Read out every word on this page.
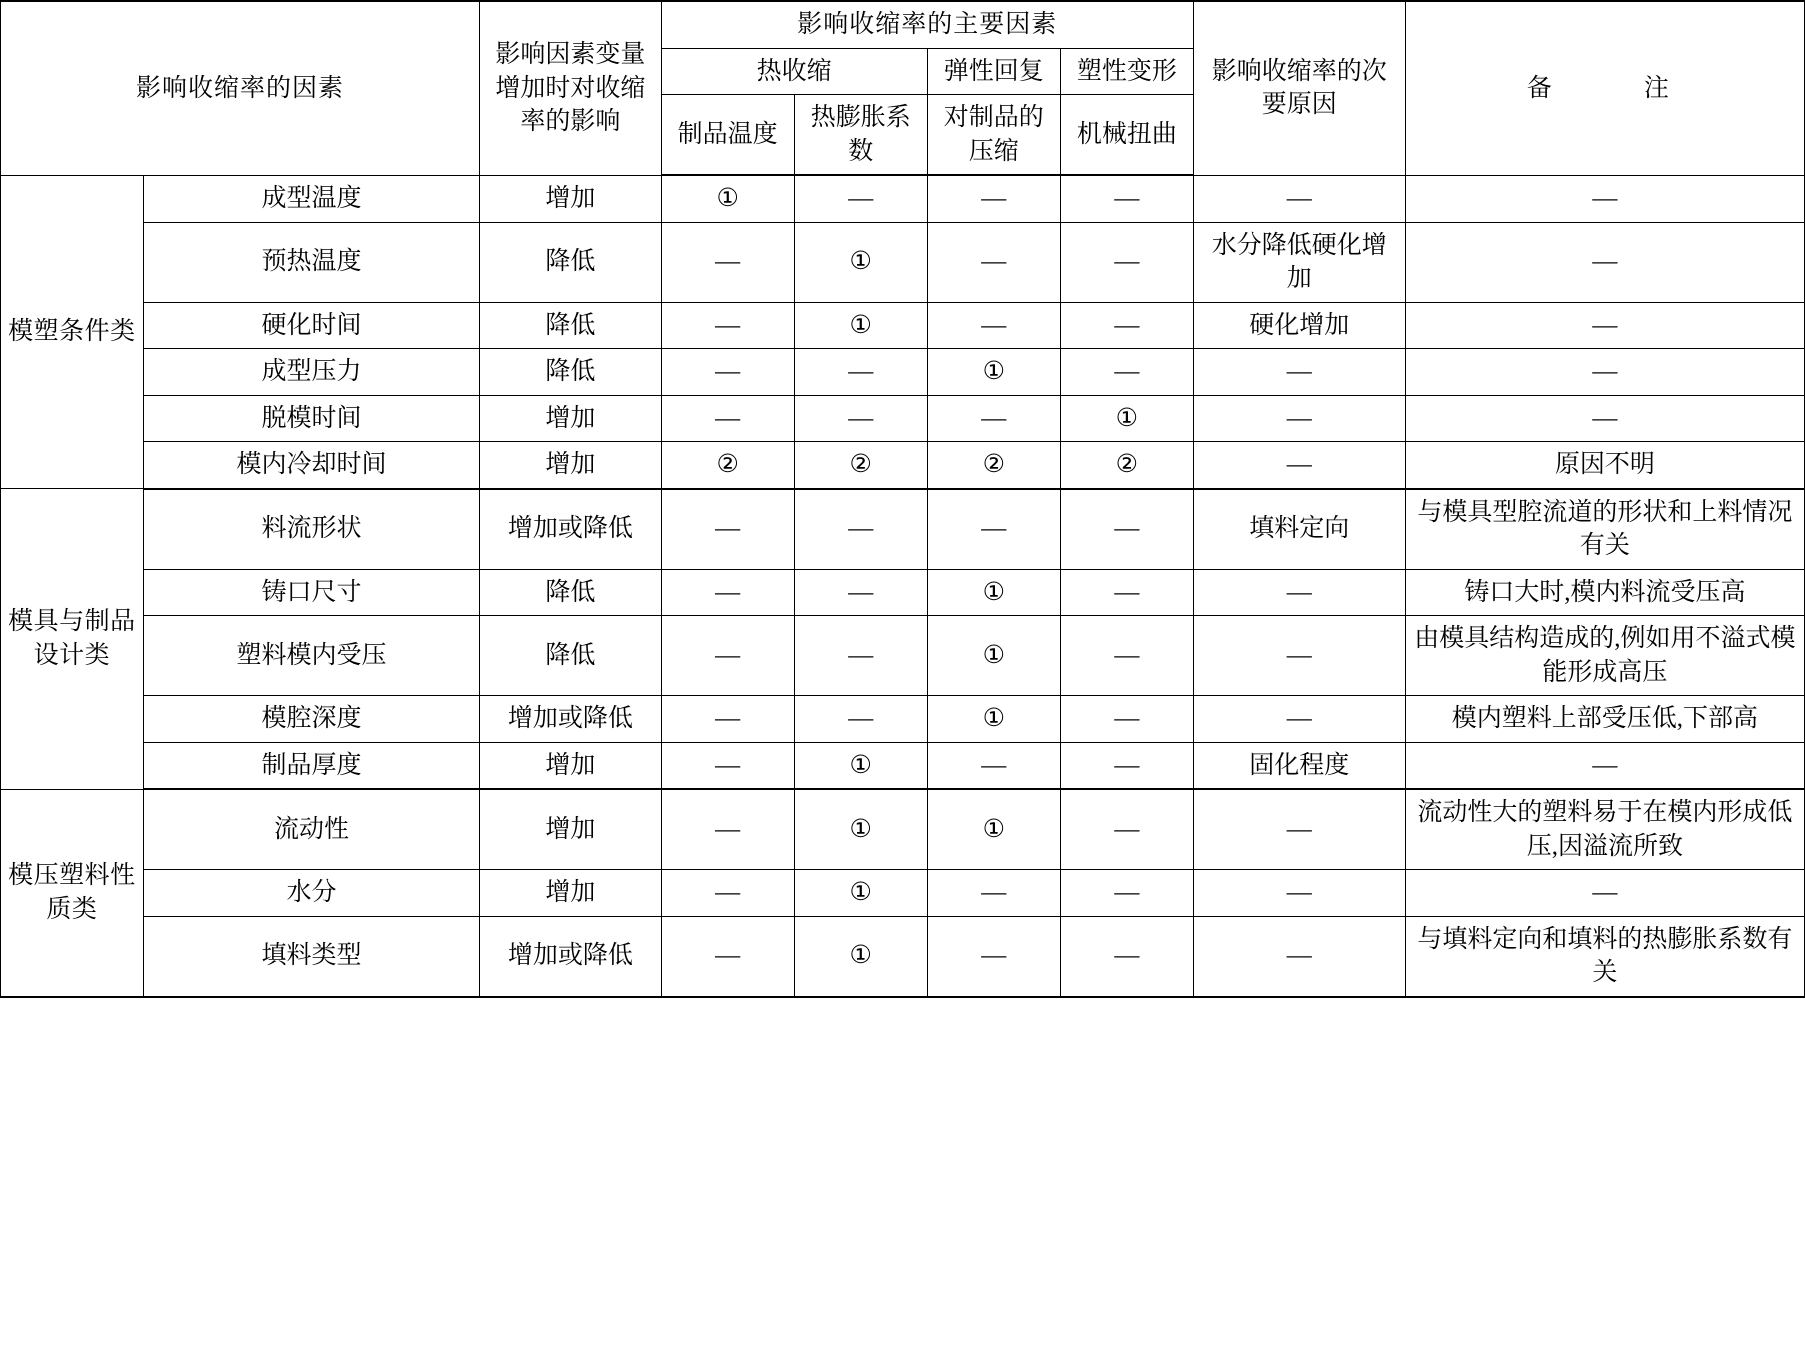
影响收缩率的因素		影响因素变量增加时对收缩率的影响	影响收缩率的主要因素				影响收缩率的次要原因	备　　注
			热收缩		弹性回复	塑性变形		
			制品温度	热膨胀系数	对制品的压缩	机械扭曲		
模塑条件类	成型温度	增加	①	—	—	—	—	—
	预热温度	降低	—	①	—	—	水分降低硬化增加	—
	硬化时间	降低	—	①	—	—	硬化增加	—
	成型压力	降低	—	—	①	—	—	—
	脱模时间	增加	—	—	—	①	—	—
	模内冷却时间	增加	②	②	②	②	—	原因不明
模具与制品设计类	料流形状	增加或降低	—	—	—	—	填料定向	与模具型腔流道的形状和上料情况有关
	铸口尺寸	降低	—	—	①	—	—	铸口大时,模内料流受压高
	塑料模内受压	降低	—	—	①	—	—	由模具结构造成的,例如用不溢式模能形成高压
	模腔深度	增加或降低	—	—	①	—	—	模内塑料上部受压低,下部高
	制品厚度	增加	—	①	—	—	固化程度	—
模压塑料性质类	流动性	增加	—	①	①	—	—	流动性大的塑料易于在模内形成低压,因溢流所致
	水分	增加	—	①	—	—	—	—
	填料类型	增加或降低	—	①	—	—	—	与填料定向和填料的热膨胀系数有关
